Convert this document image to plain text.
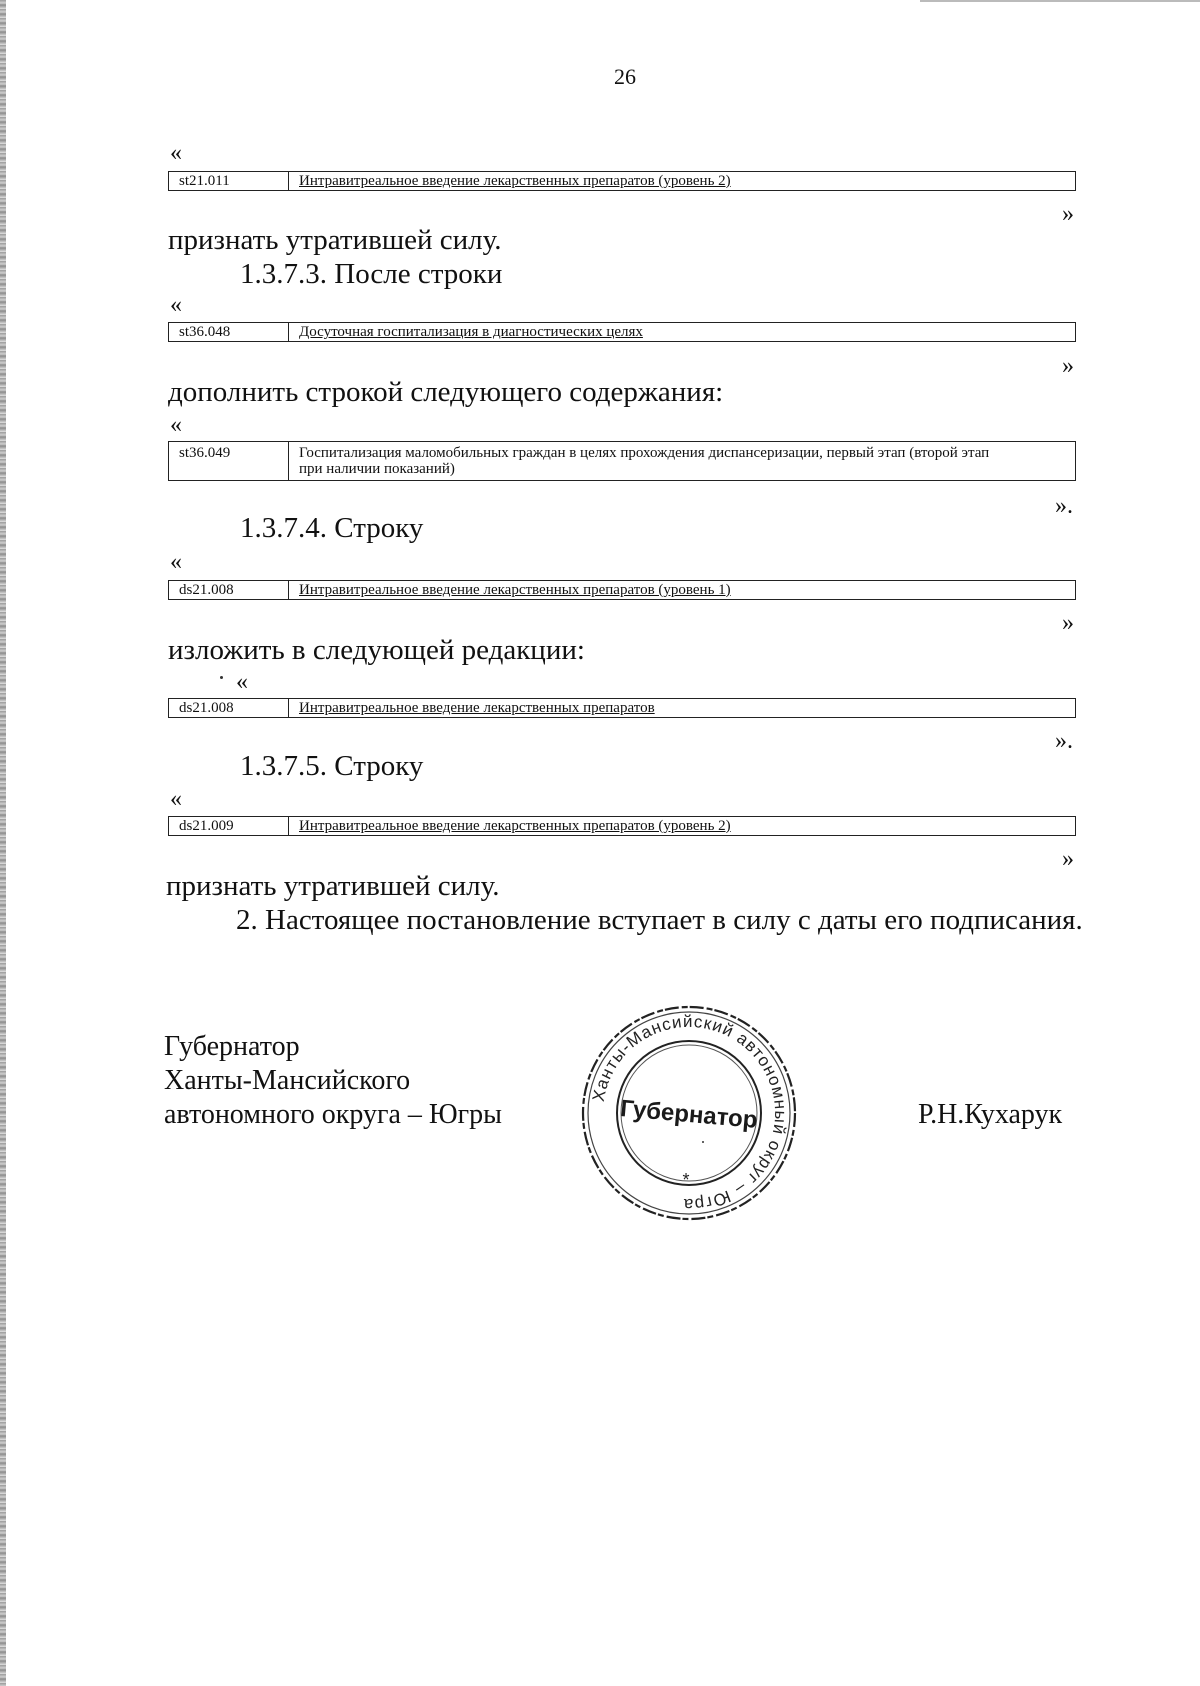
26
«
st21.011	Интравитреальное введение лекарственных препаратов (уровень 2)
»
признать утратившей силу.
1.3.7.3. После строки
«
st36.048	Досуточная госпитализация в диагностических целях
»
дополнить строкой следующего содержания:
«
st36.049	Госпитализация маломобильных граждан в целях прохождения диспансеризации, первый этап (второй этап
при наличии показаний)
».
1.3.7.4. Строку
«
ds21.008	Интравитреальное введение лекарственных препаратов (уровень 1)
»
изложить в следующей редакции:
«
ds21.008	Интравитреальное введение лекарственных препаратов
».
1.3.7.5. Строку
«
ds21.009	Интравитреальное введение лекарственных препаратов (уровень 2)
»
признать утратившей силу.
2. Настоящее постановление вступает в силу с даты его подписания.
Губернатор
Ханты-Мансийского
автономного округа – Югры	Р.Н.Кухарук
Ханты-Мансийский автономный округ – Югра
Губернатор
*
